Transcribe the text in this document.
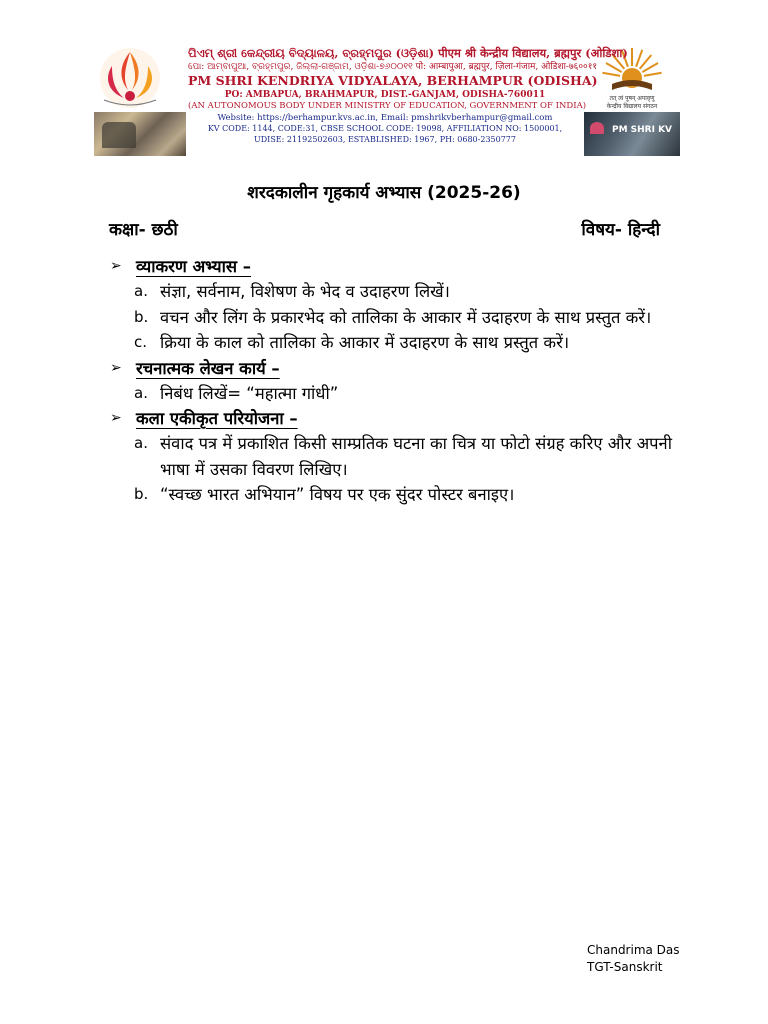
तत् त्वं पूषन् अपावृणु
केन्द्रीय विद्यालय संगठन
PM SHRI KV
ପିଏମ୍ ଶ୍ରୀ କେନ୍ଦ୍ରୀୟ ବିଦ୍ୟାଳୟ, ବ୍ରହ୍ମପୁର (ଓଡ଼ିଶା) पीएम श्री केन्द्रीय विद्यालय, ब्रह्मपुर (ओडिशा)
ପୋ: ଆମ୍ବାପୁଆ, ବ୍ରହ୍ମପୁର, ଜିଲ୍ଲା-ଗଞ୍ଜାମ, ଓଡ଼ିଶା-୭୬୦୦୧୧ पो: आम्बापुआ, ब्रह्मपुर, ज़िला-गंजाम, ओडिशा-७६००११
PM SHRI KENDRIYA VIDYALAYA, BERHAMPUR (ODISHA)
PO: AMBAPUA, BRAHMAPUR, DIST.-GANJAM, ODISHA-760011
(AN AUTONOMOUS BODY UNDER MINISTRY OF EDUCATION, GOVERNMENT OF INDIA)
Website: https://berhampur.kvs.ac.in, Email: pmshrikvberhampur@gmail.com
KV CODE: 1144, CODE:31, CBSE SCHOOL CODE: 19098, AFFILIATION NO: 1500001,
UDISE: 21192502603, ESTABLISHED: 1967, PH: 0680-2350777
शरदकालीन गृहकार्य अभ्यास (2025-26)
कक्षा- छठी	विषय- हिन्दी
➢ व्याकरण अभ्यास –
a. संज्ञा, सर्वनाम, विशेषण के भेद व उदाहरण लिखें।
b. वचन और लिंग के प्रकारभेद को तालिका के आकार में उदाहरण के साथ प्रस्तुत करें।
c. क्रिया के काल को तालिका के आकार में उदाहरण के साथ प्रस्तुत करें।
➢ रचनात्मक लेखन कार्य –
a. निबंध लिखें= “महात्मा गांधी”
➢ कला एकीकृत परियोजना –
a. संवाद पत्र में प्रकाशित किसी साम्प्रतिक घटना का चित्र या फोटो संग्रह करिए और अपनी भाषा में उसका विवरण लिखिए।
b. “स्वच्छ भारत अभियान” विषय पर एक सुंदर पोस्टर बनाइए।
Chandrima Das
TGT-Sanskrit
